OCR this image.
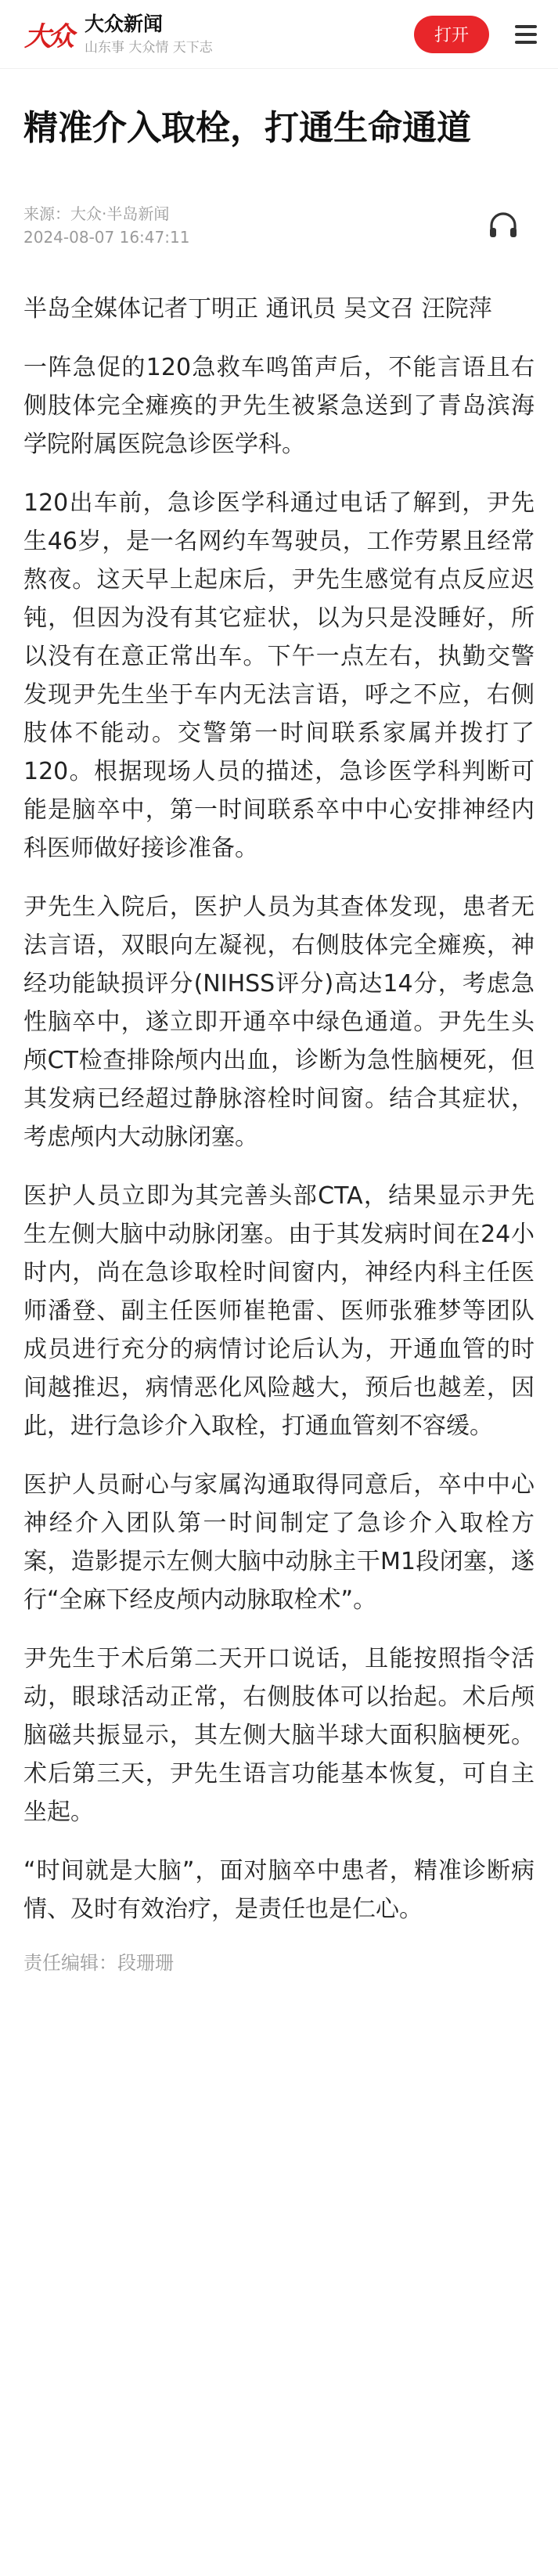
大众 大众新闻
山东事 大众情 天下志
打开
精准介入取栓，打通生命通道
来源：大众·半岛新闻
2024-08-07 16:47:11

半岛全媒体记者丁明正 通讯员 吴文召 汪院萍

一阵急促的120急救车鸣笛声后，不能言语且右侧肢体完全瘫痪的尹先生被紧急送到了青岛滨海学院附属医院急诊医学科。

120出车前，急诊医学科通过电话了解到，尹先生46岁，是一名网约车驾驶员，工作劳累且经常熬夜。这天早上起床后，尹先生感觉有点反应迟钝，但因为没有其它症状，以为只是没睡好，所以没有在意正常出车。下午一点左右，执勤交警发现尹先生坐于车内无法言语，呼之不应，右侧肢体不能动。交警第一时间联系家属并拨打了120。根据现场人员的描述，急诊医学科判断可能是脑卒中，第一时间联系卒中中心安排神经内科医师做好接诊准备。

尹先生入院后，医护人员为其查体发现，患者无法言语，双眼向左凝视，右侧肢体完全瘫痪，神经功能缺损评分(NIHSS评分)高达14分，考虑急性脑卒中，遂立即开通卒中绿色通道。尹先生头颅CT检查排除颅内出血，诊断为急性脑梗死，但其发病已经超过静脉溶栓时间窗。结合其症状，考虑颅内大动脉闭塞。

医护人员立即为其完善头部CTA，结果显示尹先生左侧大脑中动脉闭塞。由于其发病时间在24小时内，尚在急诊取栓时间窗内，神经内科主任医师潘登、副主任医师崔艳雷、医师张雅梦等团队成员进行充分的病情讨论后认为，开通血管的时间越推迟，病情恶化风险越大，预后也越差，因此，进行急诊介入取栓，打通血管刻不容缓。

医护人员耐心与家属沟通取得同意后，卒中中心神经介入团队第一时间制定了急诊介入取栓方案，造影提示左侧大脑中动脉主干M1段闭塞，遂行“全麻下经皮颅内动脉取栓术”。

尹先生于术后第二天开口说话，且能按照指令活动，眼球活动正常，右侧肢体可以抬起。术后颅脑磁共振显示，其左侧大脑半球大面积脑梗死。术后第三天，尹先生语言功能基本恢复，可自主坐起。

“时间就是大脑”，面对脑卒中患者，精准诊断病情、及时有效治疗，是责任也是仁心。

责任编辑：段珊珊
